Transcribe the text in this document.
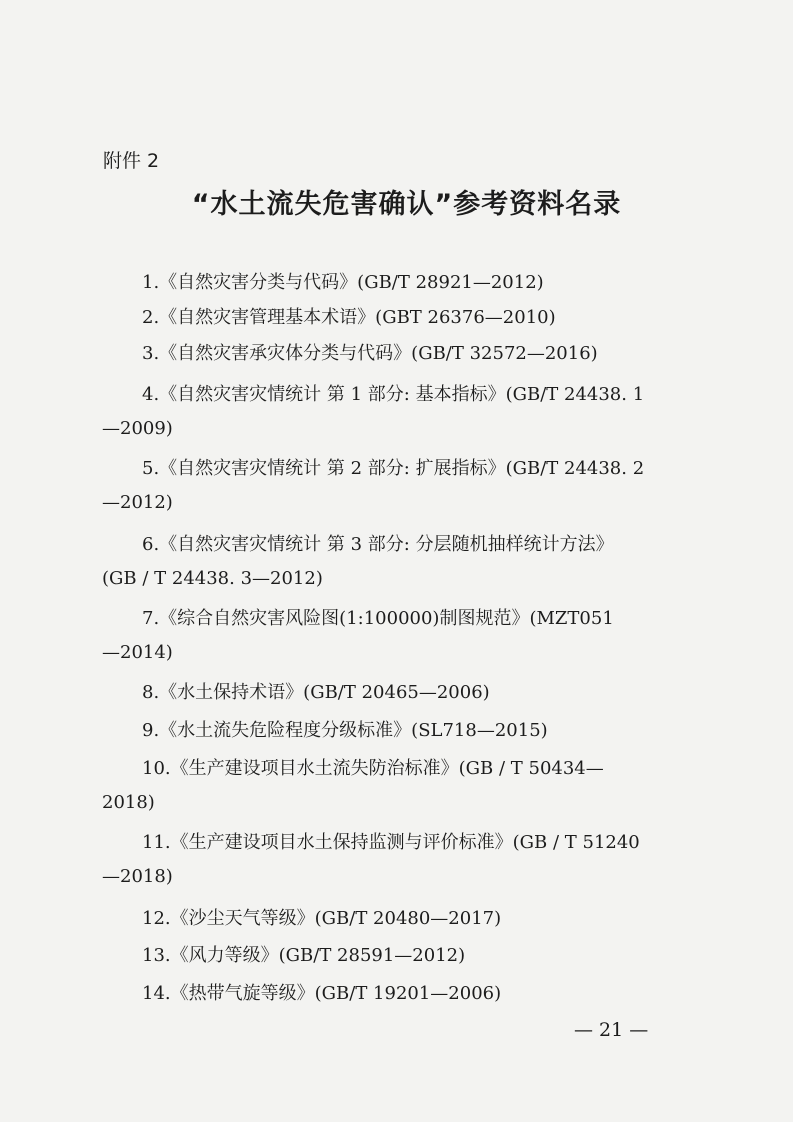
附件 2
“水土流失危害确认”参考资料名录
1.《自然灾害分类与代码》(GB/T 28921—2012)
2.《自然灾害管理基本术语》(GBT 26376—2010)
3.《自然灾害承灾体分类与代码》(GB/T 32572—2016)
4.《自然灾害灾情统计 第 1 部分: 基本指标》(GB/T 24438. 1
—2009)
5.《自然灾害灾情统计 第 2 部分: 扩展指标》(GB/T 24438. 2
—2012)
6.《自然灾害灾情统计 第 3 部分: 分层随机抽样统计方法》
(GB / T 24438. 3—2012)
7.《综合自然灾害风险图(1:100000)制图规范》(MZT051
—2014)
8.《水土保持术语》(GB/T 20465—2006)
9.《水土流失危险程度分级标准》(SL718—2015)
10.《生产建设项目水土流失防治标准》(GB / T 50434—
2018)
11.《生产建设项目水土保持监测与评价标准》(GB / T 51240
—2018)
12.《沙尘天气等级》(GB/T 20480—2017)
13.《风力等级》(GB/T 28591—2012)
14.《热带气旋等级》(GB/T 19201—2006)
— 21 —
